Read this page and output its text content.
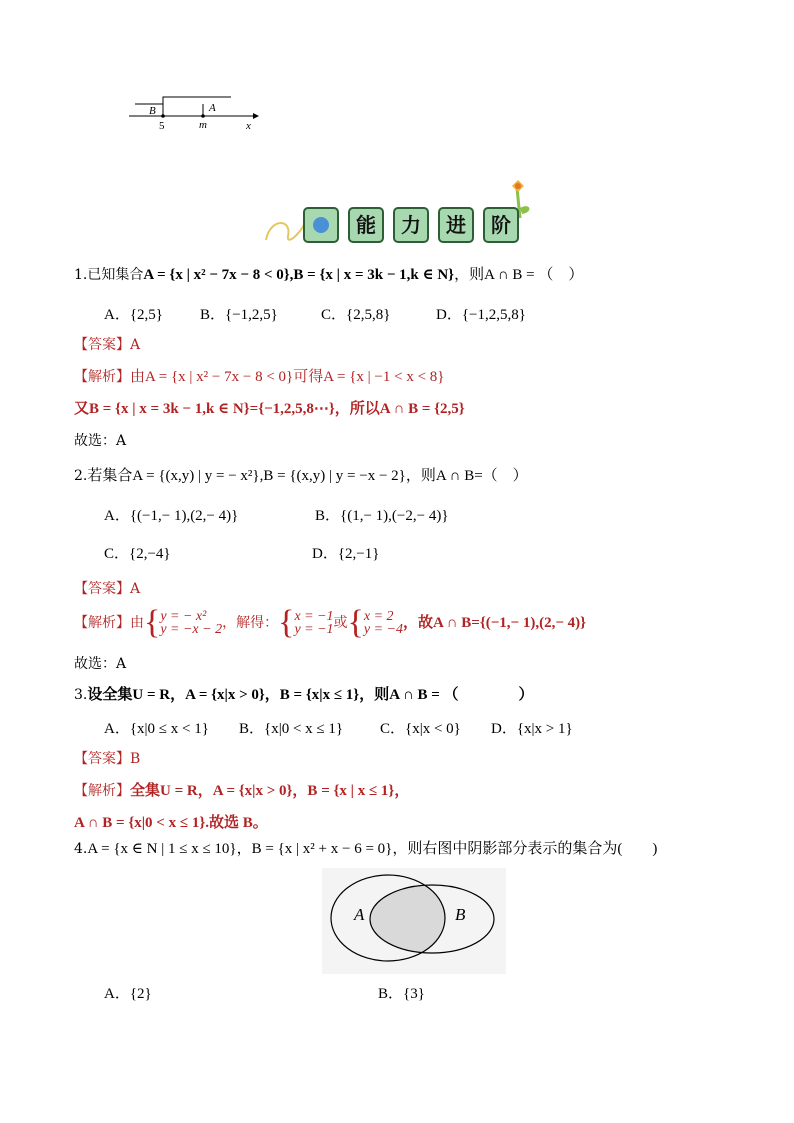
B	A
5	m	x
能	力	进	阶
1.已知集合A = {x | x² − 7x − 8 < 0},B = {x | x = 3k − 1,k ∈ N}，则A ∩ B = （　）
A．{2,5} B．{−1,2,5}	C．{2,5,8}	D．{−1,2,5,8}
【答案】A
【解析】由A = {x | x² − 7x − 8 < 0}可得A = {x | −1 < x < 8}
又B = {x | x = 3k − 1,k ∈ N}={−1,2,5,8⋯}，所以A ∩ B = {2,5}
故选：A
2.若集合A = {(x,y) | y = − x²},B = {(x,y) | y = −x − 2}，则A ∩ B=（　）
A．{(−1,− 1),(2,− 4)}	B．{(1,− 1),(−2,− 4)}
C．{2,−4}	D．{2,−1}
【答案】A
【解析】由{y = − x²
y = −x − 2，解得：{x = −1
y = −1或{x = 2
y = −4，故A ∩ B={(−1,− 1),(2,− 4)}
故选：A
3.设全集U = R，A = {x|x > 0}，B = {x|x ≤ 1}，则A ∩ B = （　　　　）
A．{x|0 ≤ x < 1} B．{x|0 < x ≤ 1} C．{x|x < 0} D．{x|x > 1}
【答案】B
【解析】全集U = R，A = {x|x > 0}，B = {x | x ≤ 1}，
A ∩ B = {x|0 < x ≤ 1}.故选 B。
4.A = {x ∈ N | 1 ≤ x ≤ 10}，B = {x | x² + x − 6 = 0}，则右图中阴影部分表示的集合为(　　)
A	B
A．{2}	B．{3}
